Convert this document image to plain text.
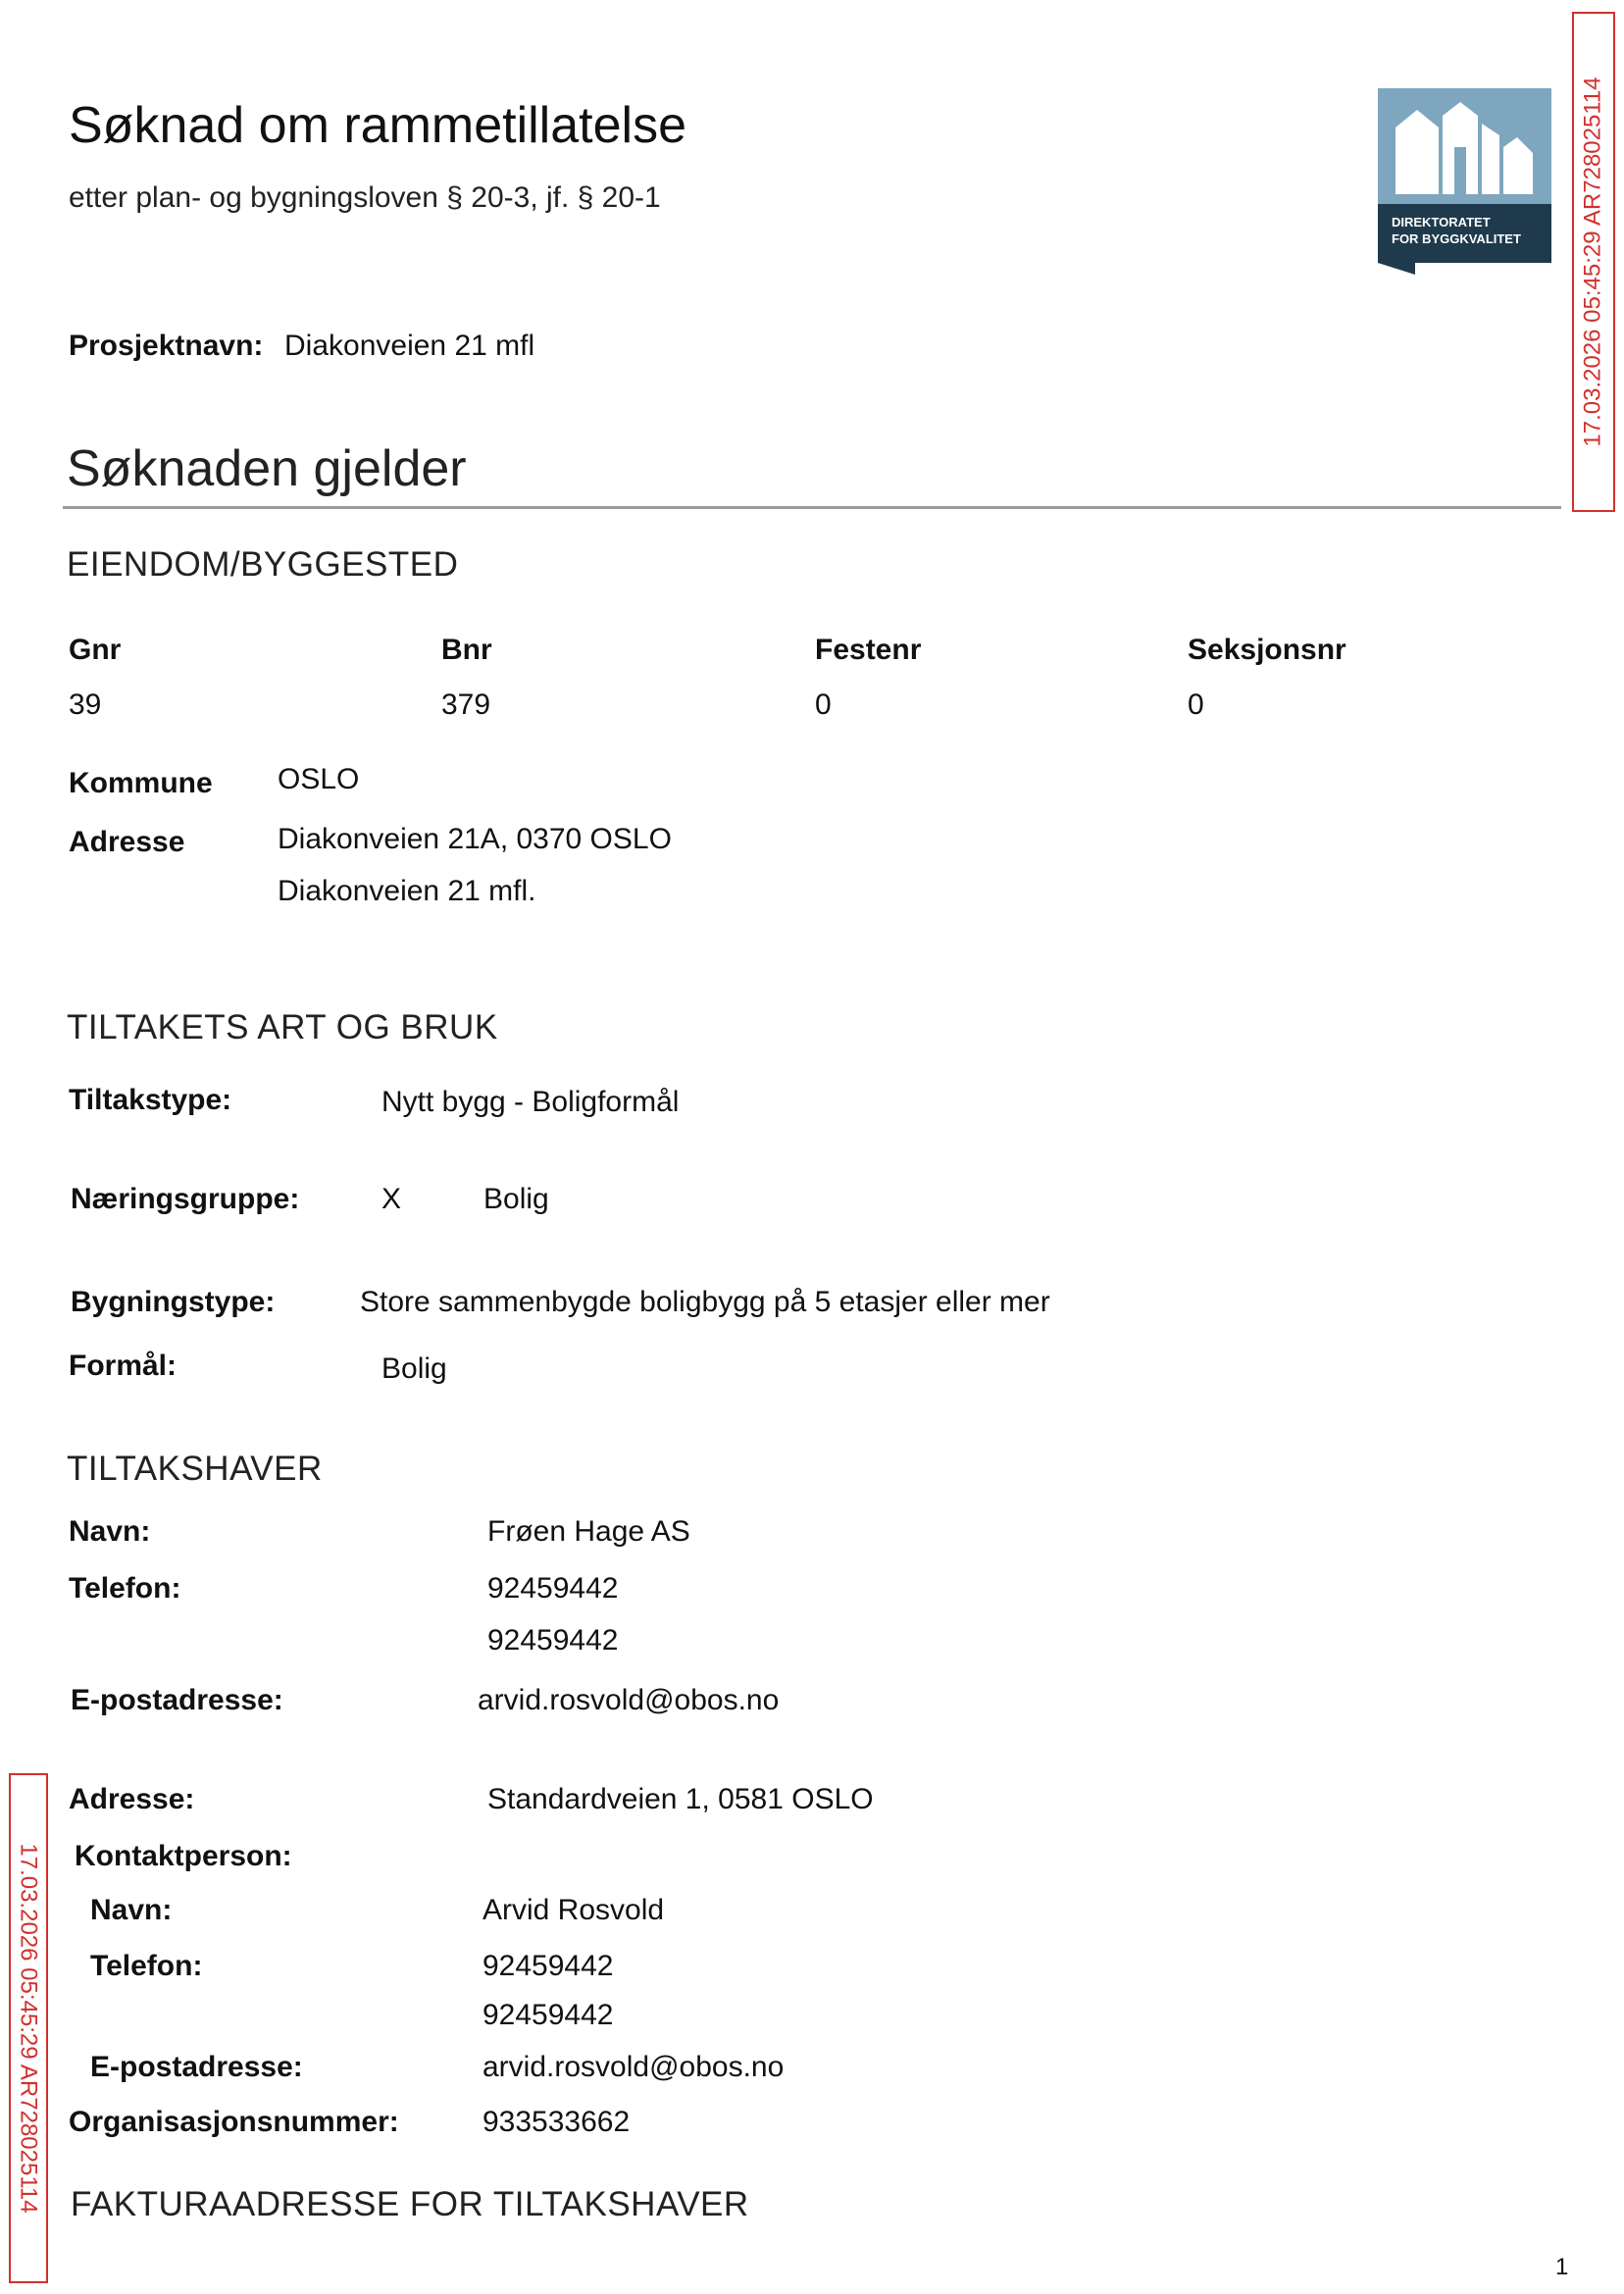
Søknad om rammetillatelse
etter plan- og bygningsloven § 20-3, jf. § 20-1
DIREKTORATET
FOR BYGGKVALITET	17.03.2026 05:45:29 AR728025114
17.03.2026 05:45:29 AR728025114
Prosjektnavn: Diakonveien 21 mfl
Søknaden gjelder
EIENDOM/BYGGESTED
Gnr	Bnr	Festenr	Seksjonsnr
39	379	0	0
Kommune OSLO
Adresse	Diakonveien 21A, 0370 OSLO
Diakonveien 21 mfl.
TILTAKETS ART OG BRUK
Tiltakstype:	Nytt bygg - Boligformål
Næringsgruppe:	X	Bolig
Bygningstype:	Store sammenbygde boligbygg på 5 etasjer eller mer
Formål:	Bolig
TILTAKSHAVER
Navn:	Frøen Hage AS
Telefon:	92459442
92459442
E-postadresse:	arvid.rosvold@obos.no
Adresse:	Standardveien 1, 0581 OSLO
Kontaktperson:
Navn:	Arvid Rosvold
Telefon:	92459442
92459442
E-postadresse:	arvid.rosvold@obos.no
Organisasjonsnummer:	933533662
FAKTURAADRESSE FOR TILTAKSHAVER
1
